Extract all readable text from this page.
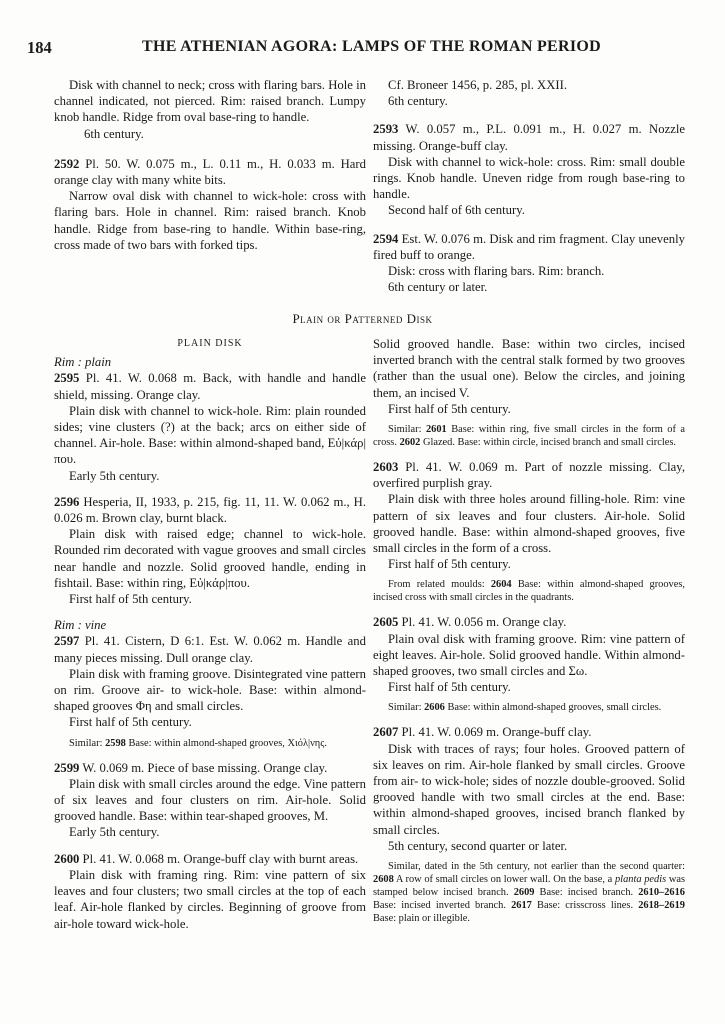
184	THE ATHENIAN AGORA: LAMPS OF THE ROMAN PERIOD

Disk with channel to neck; cross with flaring bars. Hole in channel indicated, not pierced. Rim: raised branch. Lumpy knob handle. Ridge from oval base-ring to handle.

6th century.

2592 Pl. 50. W. 0.075 m., L. 0.11 m., H. 0.033 m. Hard orange clay with many white bits.

Narrow oval disk with channel to wick-hole: cross with flaring bars. Hole in channel. Rim: raised branch. Knob handle. Ridge from base-ring to handle. Within base-ring, cross made of two bars with forked tips.

Cf. Broneer 1456, p. 285, pl. XXII.

6th century.

2593 W. 0.057 m., P.L. 0.091 m., H. 0.027 m. Nozzle missing. Orange-buff clay.

Disk with channel to wick-hole: cross. Rim: small double rings. Knob handle. Uneven ridge from rough base-ring to handle.

Second half of 6th century.

2594 Est. W. 0.076 m. Disk and rim fragment. Clay unevenly fired buff to orange.

Disk: cross with flaring bars. Rim: branch.

6th century or later.

Plain or Patterned Disk
PLAIN DISK

Rim : plain

2595 Pl. 41. W. 0.068 m. Back, with handle and handle shield, missing. Orange clay.

Plain disk with channel to wick-hole. Rim: plain rounded sides; vine clusters (?) at the back; arcs on either side of channel. Air-hole. Base: within almond-shaped band, Εὐ|κάρ|πoυ.

Early 5th century.

2596 Hesperia, II, 1933, p. 215, fig. 11, 11. W. 0.062 m., H. 0.026 m. Brown clay, burnt black.

Plain disk with raised edge; channel to wick-hole. Rounded rim decorated with vague grooves and small circles near handle and nozzle. Solid grooved handle, ending in fishtail. Base: within ring, Εὐ|κάρ|πoυ.

First half of 5th century.

Rim : vine

2597 Pl. 41. Cistern, D 6:1. Est. W. 0.062 m. Handle and many pieces missing. Dull orange clay.

Plain disk with framing groove. Disintegrated vine pattern on rim. Groove air- to wick-hole. Base: within almond-shaped grooves Φη and small circles.

First half of 5th century.

Similar: 2598 Base: within almond-shaped grooves, Χιόλ|νης.

2599 W. 0.069 m. Piece of base missing. Orange clay.

Plain disk with small circles around the edge. Vine pattern of six leaves and four clusters on rim. Air-hole. Solid grooved handle. Base: within tear-shaped grooves, Μ.

Early 5th century.

2600 Pl. 41. W. 0.068 m. Orange-buff clay with burnt areas.

Plain disk with framing ring. Rim: vine pattern of six leaves and four clusters; two small circles at the top of each leaf. Air-hole flanked by circles. Beginning of groove from air-hole toward wick-hole.

Solid grooved handle. Base: within two circles, incised inverted branch with the central stalk formed by two grooves (rather than the usual one). Below the circles, and joining them, an incised V.

First half of 5th century.

Similar: 2601 Base: within ring, five small circles in the form of a cross. 2602 Glazed. Base: within circle, incised branch and small circles.

2603 Pl. 41. W. 0.069 m. Part of nozzle missing. Clay, overfired purplish gray.

Plain disk with three holes around filling-hole. Rim: vine pattern of six leaves and four clusters. Air-hole. Solid grooved handle. Base: within almond-shaped grooves, five small circles in the form of a cross.

First half of 5th century.

From related moulds: 2604 Base: within almond-shaped grooves, incised cross with small circles in the quadrants.

2605 Pl. 41. W. 0.056 m. Orange clay.

Plain oval disk with framing groove. Rim: vine pattern of eight leaves. Air-hole. Solid grooved handle. Within almond-shaped grooves, two small circles and Σω.

First half of 5th century.

Similar: 2606 Base: within almond-shaped grooves, small circles.

2607 Pl. 41. W. 0.069 m. Orange-buff clay.

Disk with traces of rays; four holes. Grooved pattern of six leaves on rim. Air-hole flanked by small circles. Groove from air- to wick-hole; sides of nozzle double-grooved. Solid grooved handle with two small circles at the end. Base: within almond-shaped grooves, incised branch flanked by small circles.

5th century, second quarter or later.

Similar, dated in the 5th century, not earlier than the second quarter: 2608 A row of small circles on lower wall. On the base, a planta pedis was stamped below incised branch. 2609 Base: incised branch. 2610–2616 Base: incised inverted branch. 2617 Base: crisscross lines. 2618–2619 Base: plain or illegible.
